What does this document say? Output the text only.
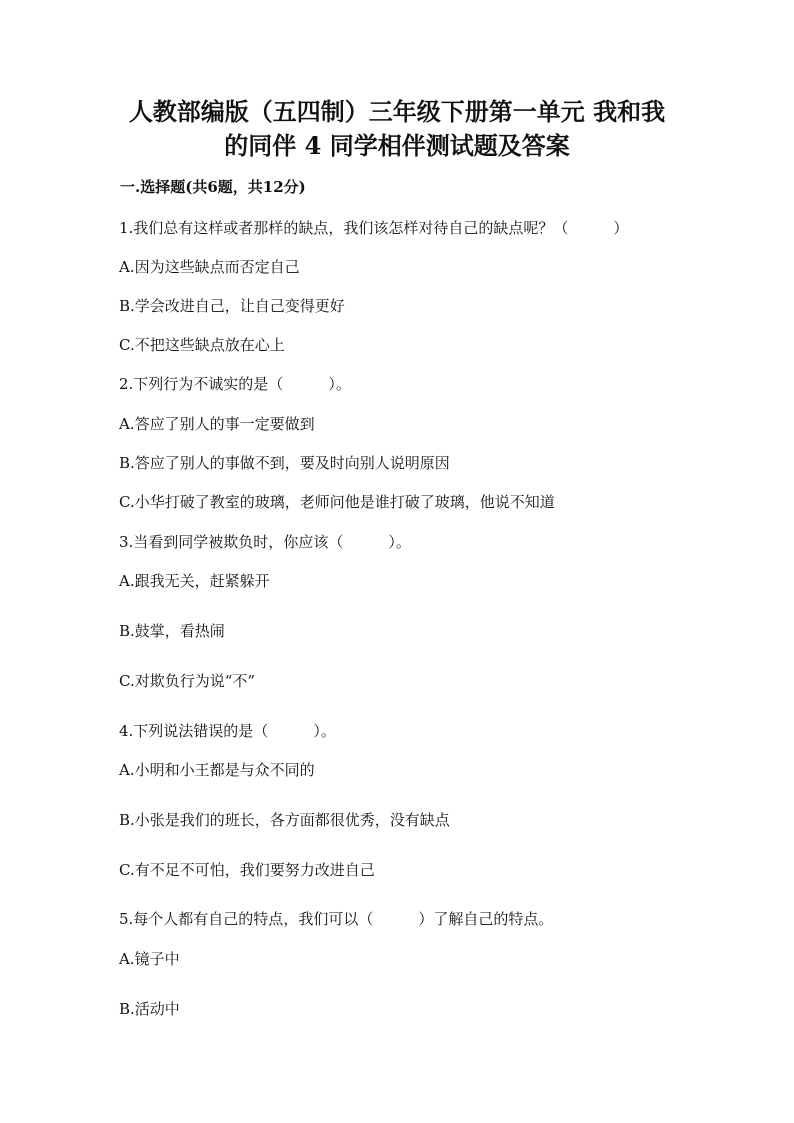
人教部编版（五四制）三年级下册第一单元 我和我
的同伴 4 同学相伴测试题及答案

一.选择题(共6题，共12分)

1.我们总有这样或者那样的缺点，我们该怎样对待自己的缺点呢？（　　　）

A.因为这些缺点而否定自己

B.学会改进自己，让自己变得更好

C.不把这些缺点放在心上

2.下列行为不诚实的是（　　　）。

A.答应了别人的事一定要做到

B.答应了别人的事做不到，要及时向别人说明原因

C.小华打破了教室的玻璃，老师问他是谁打破了玻璃，他说不知道

3.当看到同学被欺负时，你应该（　　　）。

A.跟我无关，赶紧躲开

B.鼓掌，看热闹

C.对欺负行为说“不”

4.下列说法错误的是（　　　）。

A.小明和小王都是与众不同的

B.小张是我们的班长，各方面都很优秀，没有缺点

C.有不足不可怕，我们要努力改进自己

5.每个人都有自己的特点，我们可以（　　　）了解自己的特点。

A.镜子中

B.活动中
